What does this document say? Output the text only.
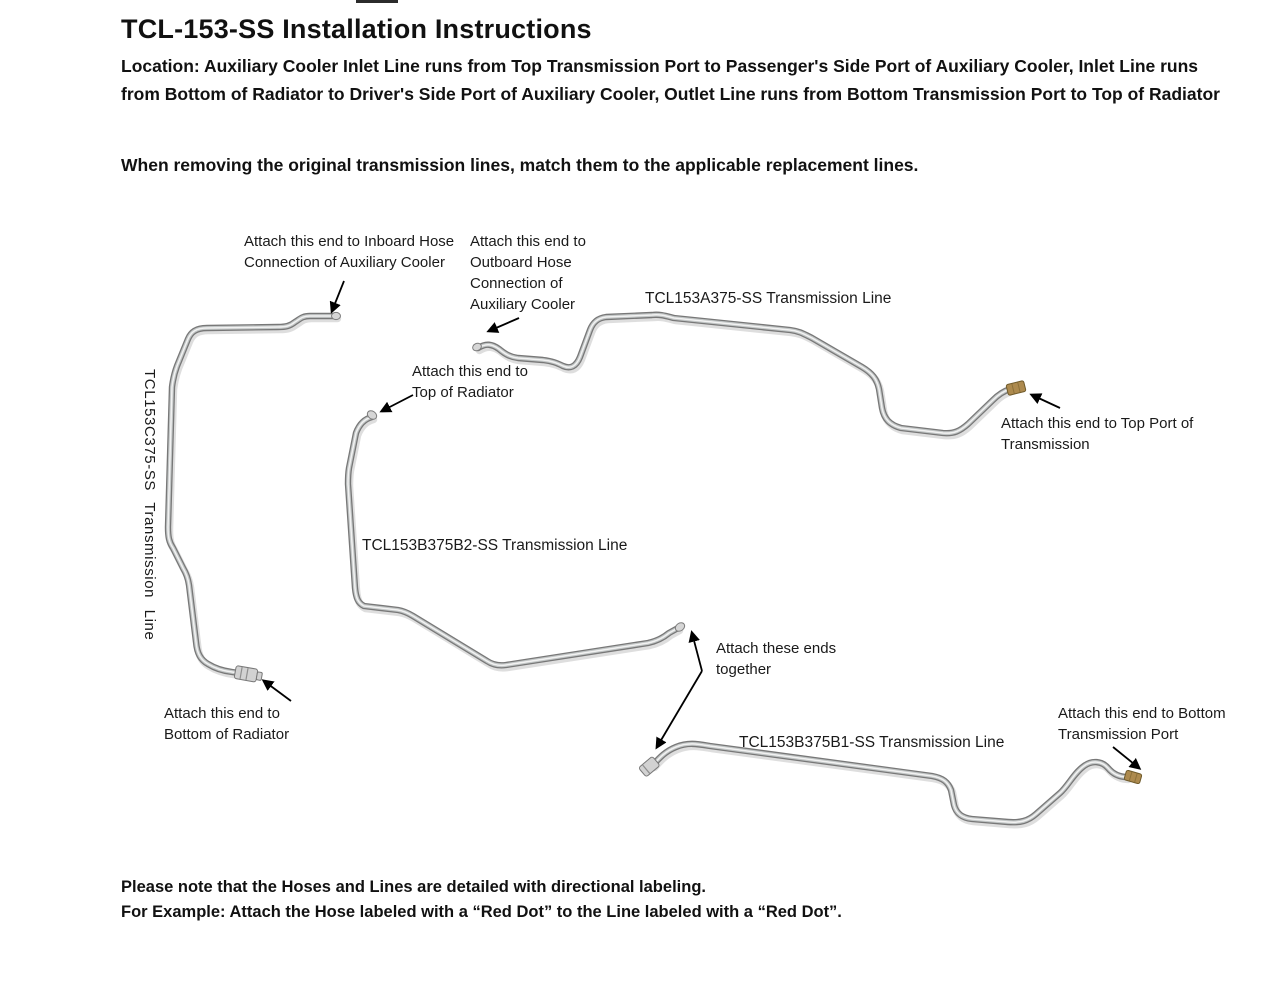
TCL-153-SS Installation Instructions
Location: Auxiliary Cooler Inlet Line runs from Top Transmission Port to Passenger's Side Port of Auxiliary Cooler, Inlet Line runs from Bottom of Radiator to Driver's Side Port of Auxiliary Cooler, Outlet Line runs from Bottom Transmission Port to Top of Radiator
When removing the original transmission lines, match them to the applicable replacement lines.
Attach this end to Inboard Hose Connection of Auxiliary Cooler
Attach this end to Outboard Hose Connection of Auxiliary Cooler	TCL153A375-SS Transmission Line
Attach this end to Top of Radiator
Attach this end to Top Port of Transmission
TCL153C375-SS Transmission Line	TCL153B375B2-SS Transmission Line
Attach these ends together
Attach this end to Bottom of Radiator	TCL153B375B1-SS Transmission Line
Attach this end to Bottom Transmission Port
Please note that the Hoses and Lines are detailed with directional labeling.
For Example: Attach the Hose labeled with a “Red Dot” to the Line labeled with a “Red Dot”.
